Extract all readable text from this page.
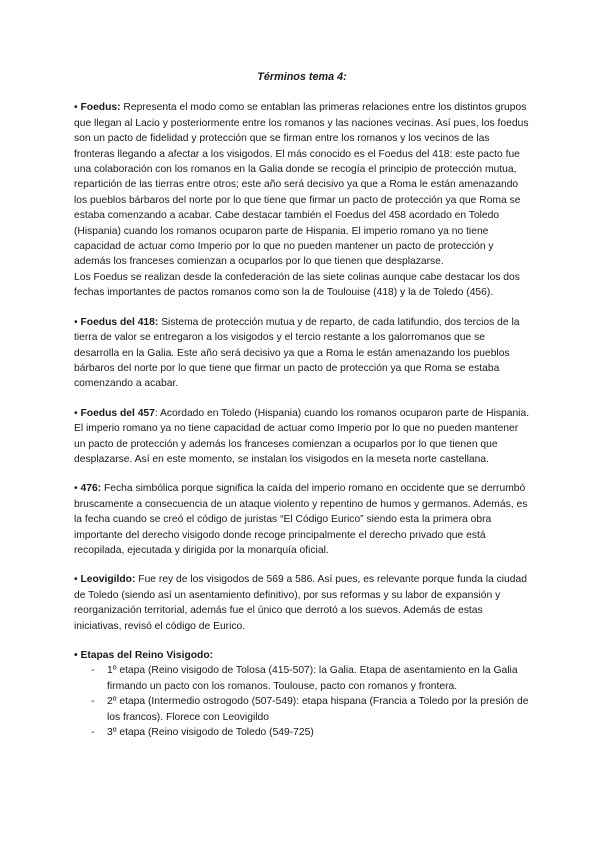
Términos tema 4:

• Foedus: Representa el modo como se entablan las primeras relaciones entre los distintos grupos que llegan al Lacio y posteriormente entre los romanos y las naciones vecinas. Así pues, los foedus son un pacto de fidelidad y protección que se firman entre los romanos y los vecinos de las fronteras llegando a afectar a los visigodos. El más conocido es el Foedus del 418: este pacto fue una colaboración con los romanos en la Galia donde se recogía el principio de protección mutua, repartición de las tierras entre otros; este año será decisivo ya que a Roma le están amenazando los pueblos bárbaros del norte por lo que tiene que firmar un pacto de protección ya que Roma se estaba comenzando a acabar. Cabe destacar también el Foedus del 458 acordado en Toledo (Hispania) cuando los romanos ocuparon parte de Hispania. El imperio romano ya no tiene capacidad de actuar como Imperio por lo que no pueden mantener un pacto de protección y además los franceses comienzan a ocuparlos por lo que tienen que desplazarse.

Los Foedus se realizan desde la confederación de las siete colinas aunque cabe destacar los dos fechas importantes de pactos romanos como son la de Toulouise (418) y la de Toledo (456).

• Foedus del 418: Sistema de protección mutua y de reparto, de cada latifundio, dos tercios de la tierra de valor se entregaron a los visigodos y el tercio restante a los galorromanos que se desarrolla en la Galia. Este año será decisivo ya que a Roma le están amenazando los pueblos bárbaros del norte por lo que tiene que firmar un pacto de protección ya que Roma se estaba comenzando a acabar.

• Foedus del 457: Acordado en Toledo (Hispania) cuando los romanos ocuparon parte de Hispania. El imperio romano ya no tiene capacidad de actuar como Imperio por lo que no pueden mantener un pacto de protección y además los franceses comienzan a ocuparlos por lo que tienen que desplazarse. Así en este momento, se instalan los visigodos en la meseta norte castellana.

• 476: Fecha simbólica porque significa la caída del imperio romano en occidente que se derrumbó bruscamente a consecuencia de un ataque violento y repentino de humos y germanos. Además, es la fecha cuando se creó el código de juristas “El Código Eurico” siendo esta la primera obra importante del derecho visigodo donde recoge principalmente el derecho privado que está recopilada, ejecutada y dirigida por la monarquía oficial.

• Leovigildo: Fue rey de los visigodos de 569 a 586. Así pues, es relevante porque funda la ciudad de Toledo (siendo así un asentamiento definitivo), por sus reformas y su labor de expansión y reorganización territorial, además fue el único que derrotó a los suevos. Además de estas iniciativas, revisó el código de Eurico.

• Etapas del Reino Visigodo:

- 1º etapa (Reino visigodo de Tolosa (415-507): la Galia. Etapa de asentamiento en la Galia firmando un pacto con los romanos. Toulouse, pacto con romanos y frontera.
- 2º etapa (Intermedio ostrogodo (507-549): etapa hispana (Francia a Toledo por la presión de los francos). Florece con Leovigildo
- 3º etapa (Reino visigodo de Toledo (549-725)
